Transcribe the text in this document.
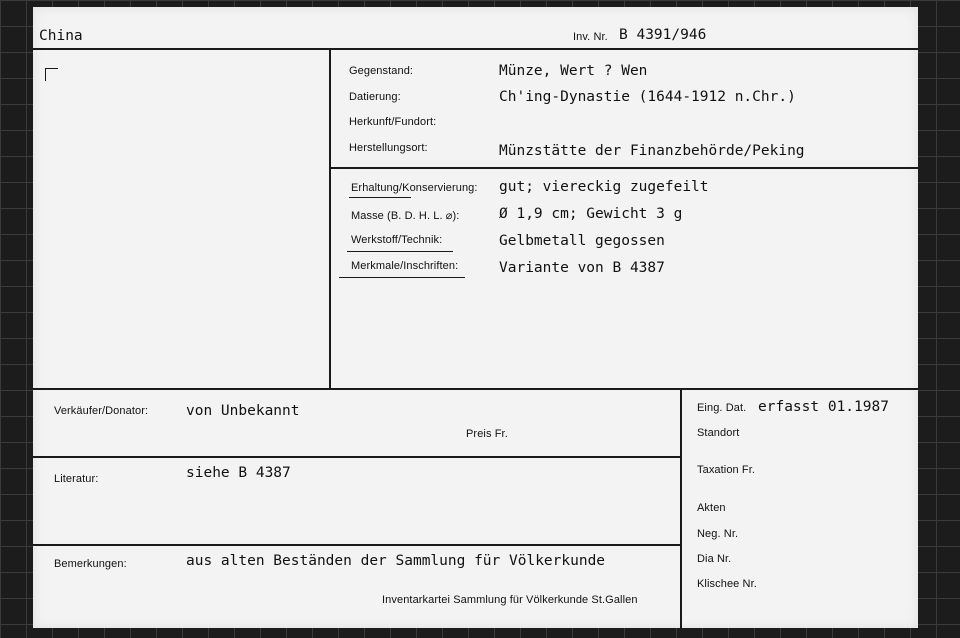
China	Inv. Nr. B 4391/946
Gegenstand:	Münze, Wert ? Wen
Datierung:	Ch'ing-Dynastie (1644-1912 n.Chr.)
Herkunft/Fundort:
Herstellungsort:	Münzstätte der Finanzbehörde/Peking
Erhaltung/Konservierung: gut; viereckig zugefeilt
Masse (B. D. H. L. ⌀):	Ø 1,9 cm; Gewicht 3 g
Werkstoff/Technik:	Gelbmetall gegossen
Merkmale/Inschriften:	Variante von B 4387
Verkäufer/Donator:	von Unbekannt
Preis Fr.
Literatur:	siehe B 4387
Bemerkungen:	aus alten Beständen der Sammlung für Völkerkunde
Inventarkartei Sammlung für Völkerkunde St.Gallen
Eing. Dat. erfasst 01.1987
Standort
Taxation Fr.
Akten
Neg. Nr.
Dia Nr.
Klischee Nr.
